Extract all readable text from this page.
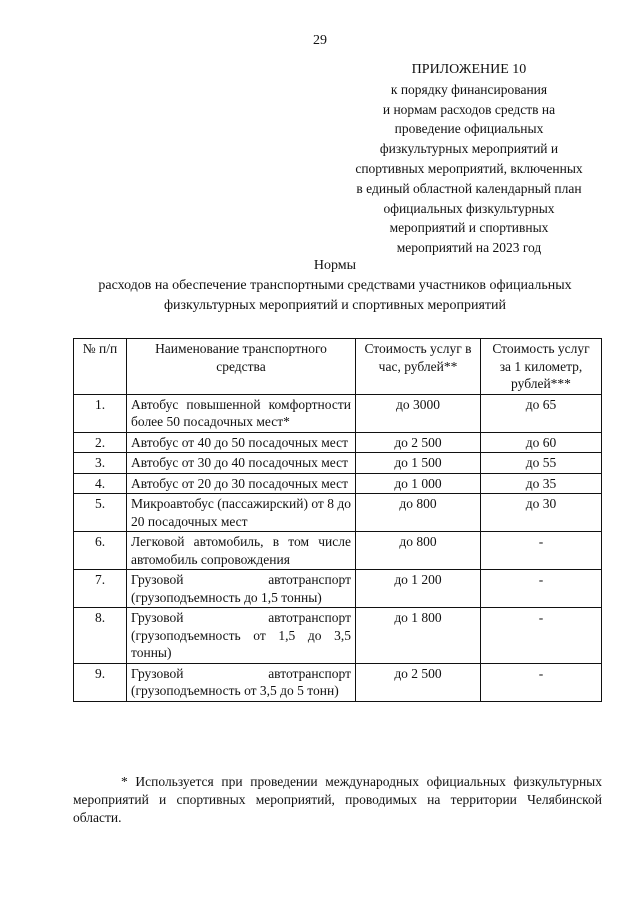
29
ПРИЛОЖЕНИЕ 10
к порядку финансирования
и нормам расходов средств на
проведение официальных
физкультурных мероприятий и
спортивных мероприятий, включенных
в единый областной календарный план
официальных физкультурных
мероприятий и спортивных
мероприятий на 2023 год
Нормы
расходов на обеспечение транспортными средствами участников официальных
физкультурных мероприятий и спортивных мероприятий
№ п/п	Наименование транспортного средства	Стоимость услуг в час, рублей**	Стоимость услуг за 1 километр, рублей***
1.	Автобус повышенной комфортности более 50 посадочных мест*	до 3000	до 65
2.	Автобус от 40 до 50 посадочных мест	до 2 500	до 60
3.	Автобус от 30 до 40 посадочных мест	до 1 500	до 55
4.	Автобус от 20 до 30 посадочных мест	до 1 000	до 35
5.	Микроавтобус (пассажирский) от 8 до 20 посадочных мест	до 800	до 30
6.	Легковой автомобиль, в том числе автомобиль сопровождения	до 800	-
7.	Грузовой автотранспорт (грузоподъемность до 1,5 тонны)	до 1 200	-
8.	Грузовой автотранспорт (грузоподъемность от 1,5 до 3,5 тонны)	до 1 800	-
9.	Грузовой автотранспорт (грузоподъемность от 3,5 до 5 тонн)	до 2 500	-
* Используется при проведении международных официальных физкультурных мероприятий и спортивных мероприятий, проводимых на территории Челябинской области.
